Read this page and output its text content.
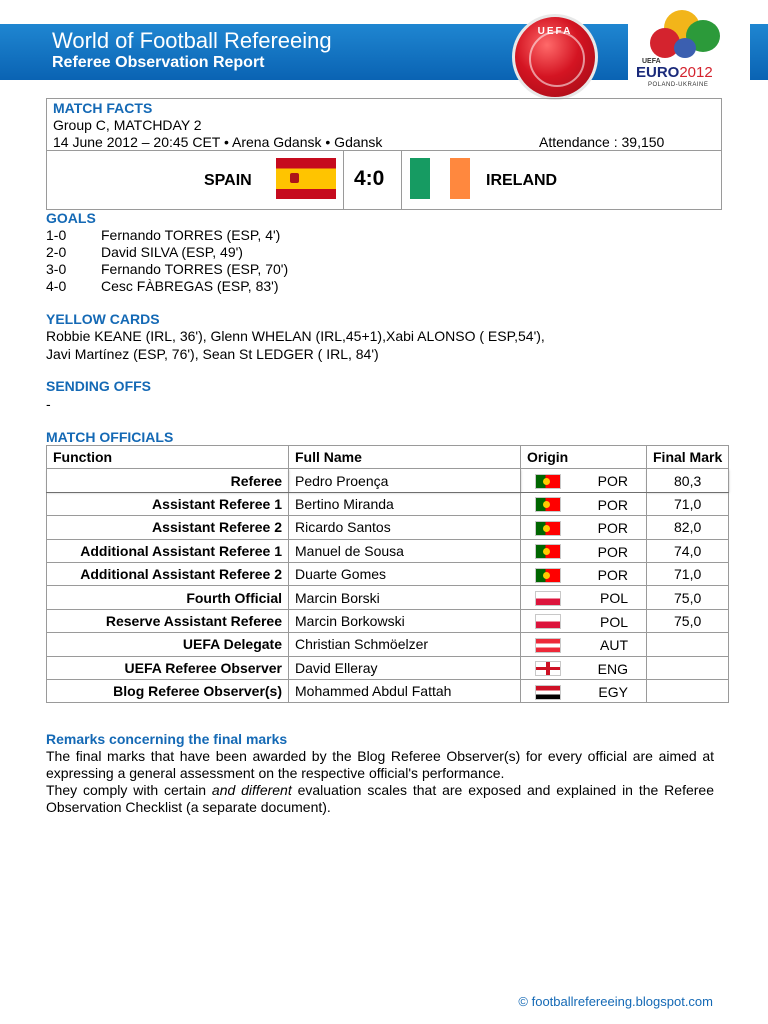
World of Football Refereeing
Referee Observation Report
UEFA
UEFA
EURO2012
POLAND-UKRAINE
MATCH FACTS
Group C, MATCHDAY 2
14 June 2012 – 20:45 CET • Arena Gdansk • Gdansk	Attendance : 39,150
SPAIN	4:0	IRELAND
GOALS
1-0 Fernando TORRES (ESP, 4')
2-0 David SILVA (ESP, 49')
3-0 Fernando TORRES (ESP, 70')
4-0 Cesc FÀBREGAS (ESP, 83')
YELLOW CARDS
Robbie KEANE (IRL, 36'), Glenn WHELAN (IRL,45+1),Xabi ALONSO ( ESP,54'),
Javi Martínez (ESP, 76'), Sean St LEDGER ( IRL, 84')
SENDING OFFS
-
MATCH OFFICIALS
Function	Full Name	Origin	Final Mark
Referee	Pedro Proença	POR	80,3
Assistant Referee 1	Bertino Miranda	POR	71,0
Assistant Referee 2	Ricardo Santos	POR	82,0
Additional Assistant Referee 1	Manuel de Sousa	POR	74,0
Additional Assistant Referee 2	Duarte Gomes	POR	71,0
Fourth Official	Marcin Borski	POL	75,0
Reserve Assistant Referee	Marcin Borkowski	POL	75,0
UEFA Delegate	Christian Schmöelzer	AUT	

UEFA Referee Observer	David Elleray	ENG	

Blog Referee Observer(s)	Mohammed Abdul Fattah	EGY	

Remarks concerning the final marks
The final marks that have been awarded by the Blog Referee Observer(s) for every official are aimed at expressing a general assessment on the respective official's performance.
They comply with certain and different evaluation scales that are exposed and explained in the Referee Observation Checklist (a separate document).
© footballrefereeing.blogspot.com
